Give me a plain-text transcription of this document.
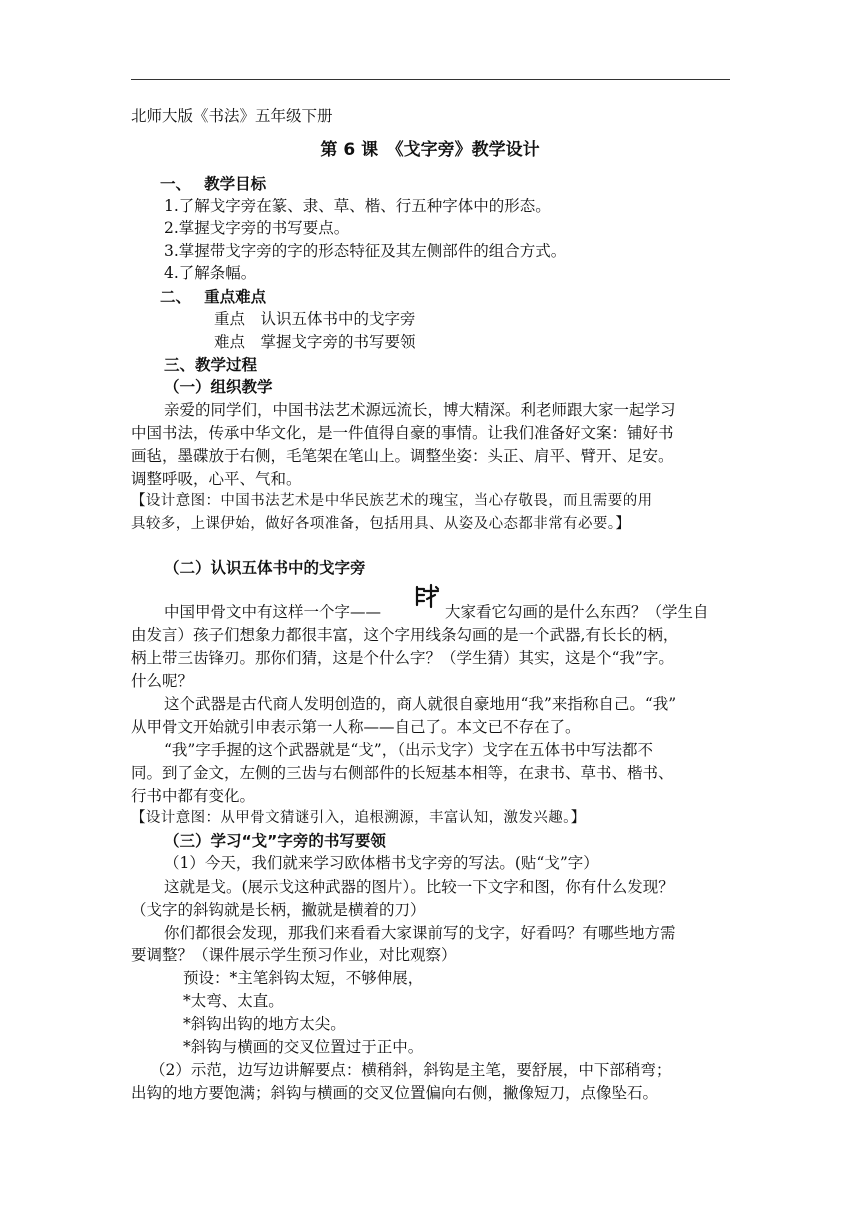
北师大版《书法》五年级下册
第 6 课　《戈字旁》教学设计
一、　 教学目标
1.了解戈字旁在篆、隶、草、楷、行五种字体中的形态。
2.掌握戈字旁的书写要点。
3.掌握带戈字旁的字的形态特征及其左侧部件的组合方式。
4.了解条幅。
二、　 重点难点
重点　认识五体书中的戈字旁
难点　掌握戈字旁的书写要领
三、教学过程
（一）组织教学
亲爱的同学们，中国书法艺术源远流长，博大精深。利老师跟大家一起学习
中国书法，传承中华文化，是一件值得自豪的事情。让我们准备好文案：铺好书
画毡，墨碟放于右侧，毛笔架在笔山上。调整坐姿：头正、肩平、臂开、足安。
调整呼吸，心平、气和。
【设计意图：中国书法艺术是中华民族艺术的瑰宝，当心存敬畏，而且需要的用
具较多，上课伊始，做好各项准备，包括用具、从姿及心态都非常有必要。】
（二）认识五体书中的戈字旁
中国甲骨文中有这样一个字——	大家看它勾画的是什么东西？（学生自
由发言）孩子们想象力都很丰富，这个字用线条勾画的是一个武器,有长长的柄，
柄上带三齿锋刃。那你们猜，这是个什么字？（学生猜）其实，这是个“我”字。
什么呢？
这个武器是古代商人发明创造的，商人就很自豪地用“我”来指称自己。“我”
从甲骨文开始就引申表示第一人称——自己了。本文已不存在了。
“我”字手握的这个武器就是“戈”，（出示戈字）戈字在五体书中写法都不
同。到了金文，左侧的三齿与右侧部件的长短基本相等，在隶书、草书、楷书、
行书中都有变化。
【设计意图：从甲骨文猜谜引入，追根溯源，丰富认知，激发兴趣。】
（三）学习“戈”字旁的书写要领
（1）今天，我们就来学习欧体楷书戈字旁的写法。(贴“戈”字）
这就是戈。(展示戈这种武器的图片）。比较一下文字和图，你有什么发现？
（戈字的斜钩就是长柄，撇就是横着的刀）
你们都很会发现，那我们来看看大家课前写的戈字，好看吗？有哪些地方需
要调整？（课件展示学生预习作业，对比观察）
预设：*主笔斜钩太短，不够伸展，
*太弯、太直。
*斜钩出钩的地方太尖。
*斜钩与横画的交叉位置过于正中。
（2）示范，边写边讲解要点：横稍斜，斜钩是主笔，要舒展，中下部稍弯；
出钩的地方要饱满；斜钩与横画的交叉位置偏向右侧，撇像短刀，点像坠石。
